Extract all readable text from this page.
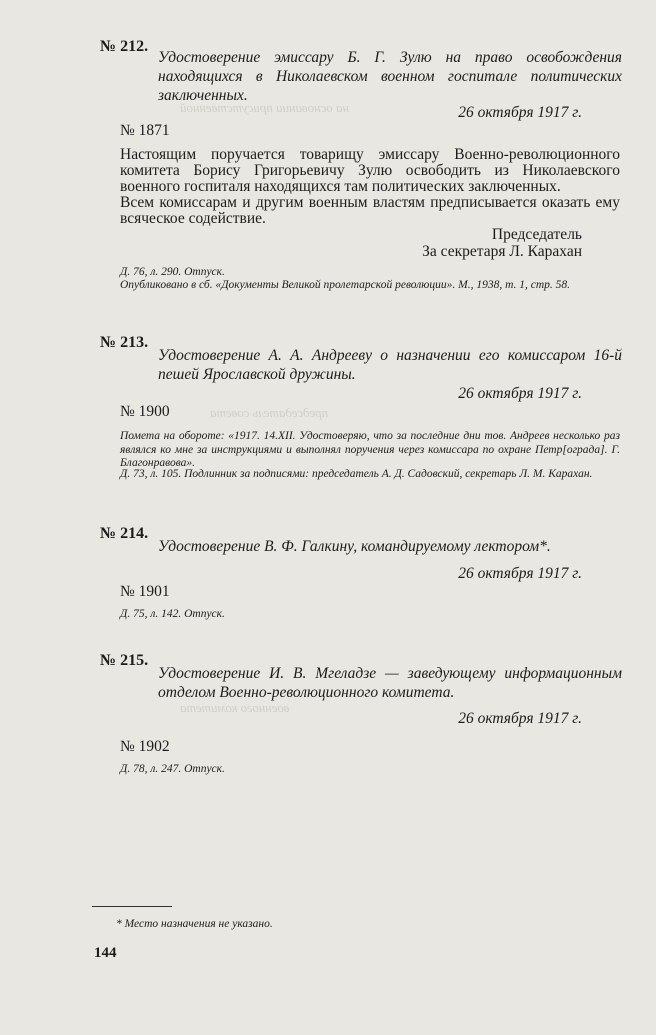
на основании присутственной
председатель совета
военного комитета
№ 212.
Удостоверение эмиссару Б. Г. Зулю на право освобождения находящихся в Николаевском военном госпитале политических заключенных.
26 октября 1917 г.
№ 1871

Настоящим поручается товарищу эмиссару Военно-революционного комитета Борису Григорьевичу Зулю освободить из Николаевского военного госпиталя находящихся там политических заключенных.

Всем комиссарам и другим военным властям предписывается оказать ему всяческое содействие.

Председатель
За секретаря Л. Карахан
Д. 76, л. 290. Отпуск.
Опубликовано в сб. «Документы Великой пролетарской революции». М., 1938, т. 1, стр. 58.
№ 213.
Удостоверение А. А. Андрееву о назначении его комиссаром 16-й пешей Ярославской дружины.
26 октября 1917 г.
№ 1900
Пометa на обороте: «1917. 14.XII. Удостоверяю, что за последние дни тов. Андреев несколько раз являлся ко мне за инструкциями и выполнял поручения через комиссара по охране Петр[ограда]. Г. Благонравова».
Д. 73, л. 105. Подлинник за подписями: председатель А. Д. Садовский, секретарь Л. М. Карахан.
№ 214.
Удостоверение В. Ф. Галкину, командируемому лектором*.
26 октября 1917 г.
№ 1901
Д. 75, л. 142. Отпуск.
№ 215.
Удостоверение И. В. Мгеладзе — заведующему информационным отделом Военно-революционного комитета.
26 октября 1917 г.
№ 1902
Д. 78, л. 247. Отпуск.
* Место назначения не указано.
144
